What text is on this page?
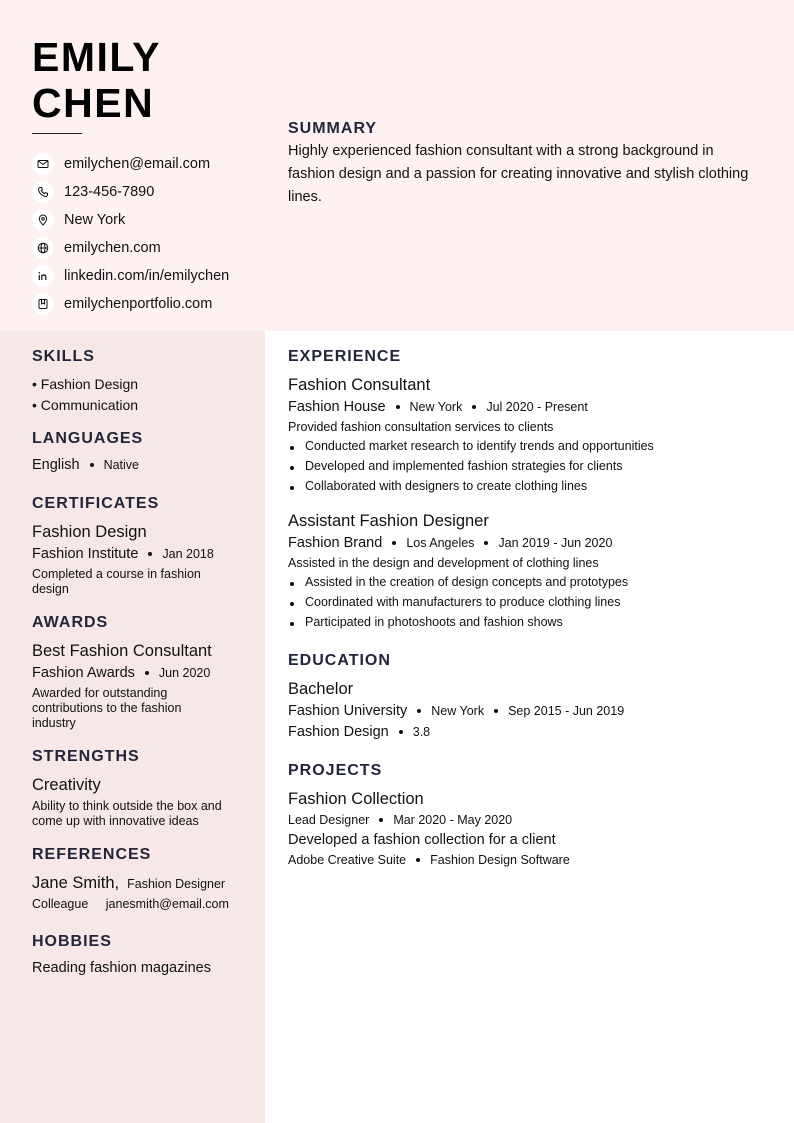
EMILY
CHEN
emilychen@email.com
123-456-7890
New York
emilychen.com
linkedin.com/in/emilychen
emilychenportfolio.com
SUMMARY
Highly experienced fashion consultant with a strong background in fashion design and a passion for creating innovative and stylish clothing lines.
SKILLS
• Fashion Design
• Communication
LANGUAGES
English Native
CERTIFICATES
Fashion Design
Fashion Institute Jan 2018
Completed a course in fashion design
AWARDS
Best Fashion Consultant
Fashion Awards Jun 2020
Awarded for outstanding contributions to the fashion industry
STRENGTHS
Creativity
Ability to think outside the box and come up with innovative ideas
REFERENCES
Jane Smith, Fashion Designer
Colleague janesmith@email.com
HOBBIES
Reading fashion magazines
EXPERIENCE
Fashion Consultant
Fashion House New York Jul 2020 - Present
Provided fashion consultation services to clients
Conducted market research to identify trends and opportunities
Developed and implemented fashion strategies for clients
Collaborated with designers to create clothing lines
Assistant Fashion Designer
Fashion Brand Los Angeles Jan 2019 - Jun 2020
Assisted in the design and development of clothing lines
Assisted in the creation of design concepts and prototypes
Coordinated with manufacturers to produce clothing lines
Participated in photoshoots and fashion shows
EDUCATION
Bachelor
Fashion University New York Sep 2015 - Jun 2019
Fashion Design 3.8
PROJECTS
Fashion Collection
Lead Designer Mar 2020 - May 2020
Developed a fashion collection for a client
Adobe Creative Suite Fashion Design Software
